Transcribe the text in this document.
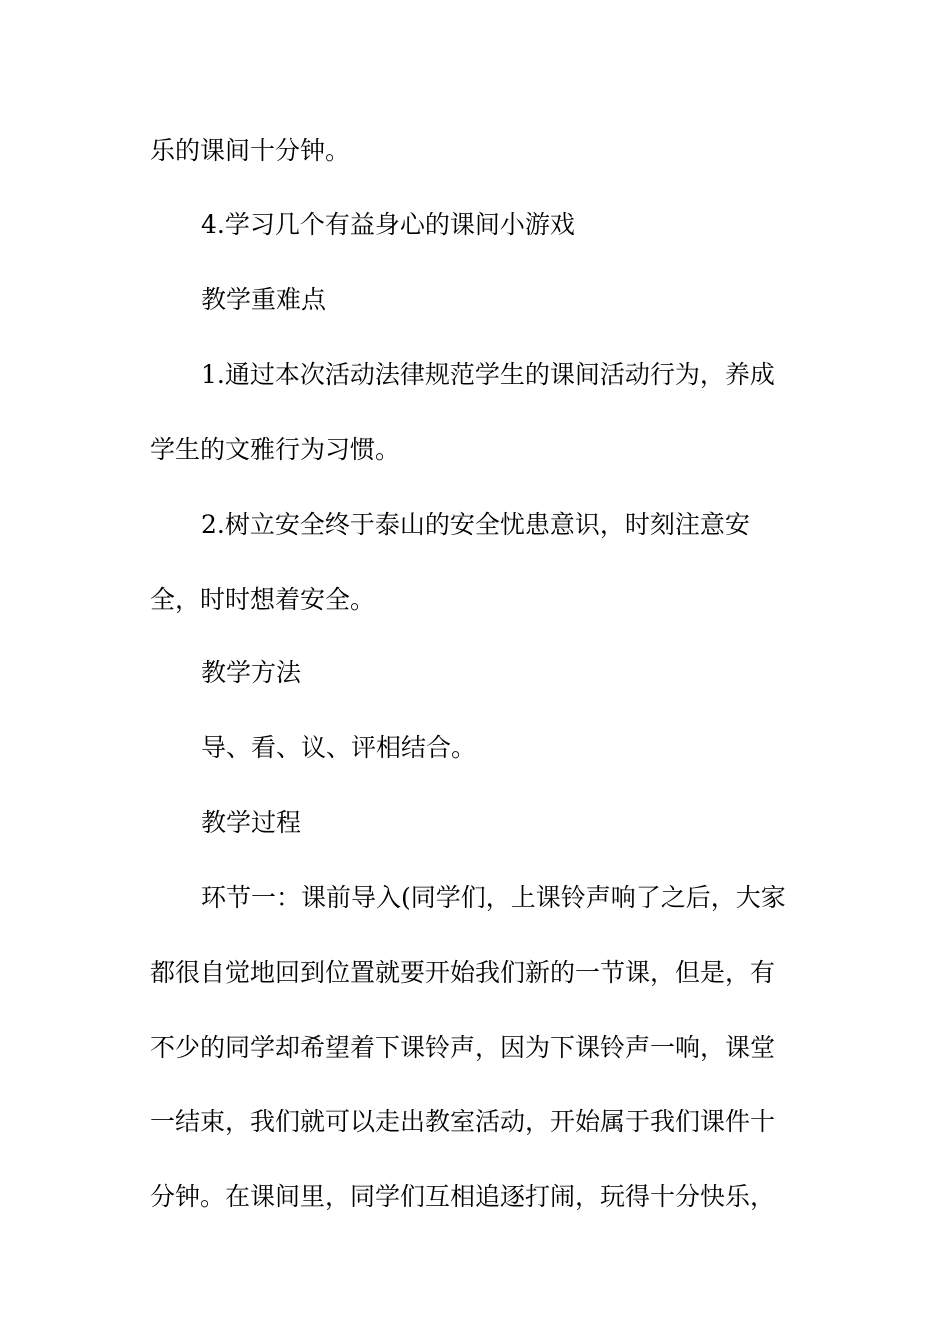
乐的课间十分钟。
4.学习几个有益身心的课间小游戏
教学重难点
1.通过本次活动法律规范学生的课间活动行为，养成
学生的文雅行为习惯。
2.树立安全终于泰山的安全忧患意识，时刻注意安
全，时时想着安全。
教学方法
导、看、议、评相结合。
教学过程
环节一：课前导入(同学们，上课铃声响了之后，大家
都很自觉地回到位置就要开始我们新的一节课，但是，有
不少的同学却希望着下课铃声，因为下课铃声一响，课堂
一结束，我们就可以走出教室活动，开始属于我们课件十
分钟。在课间里，同学们互相追逐打闹，玩得十分快乐，
